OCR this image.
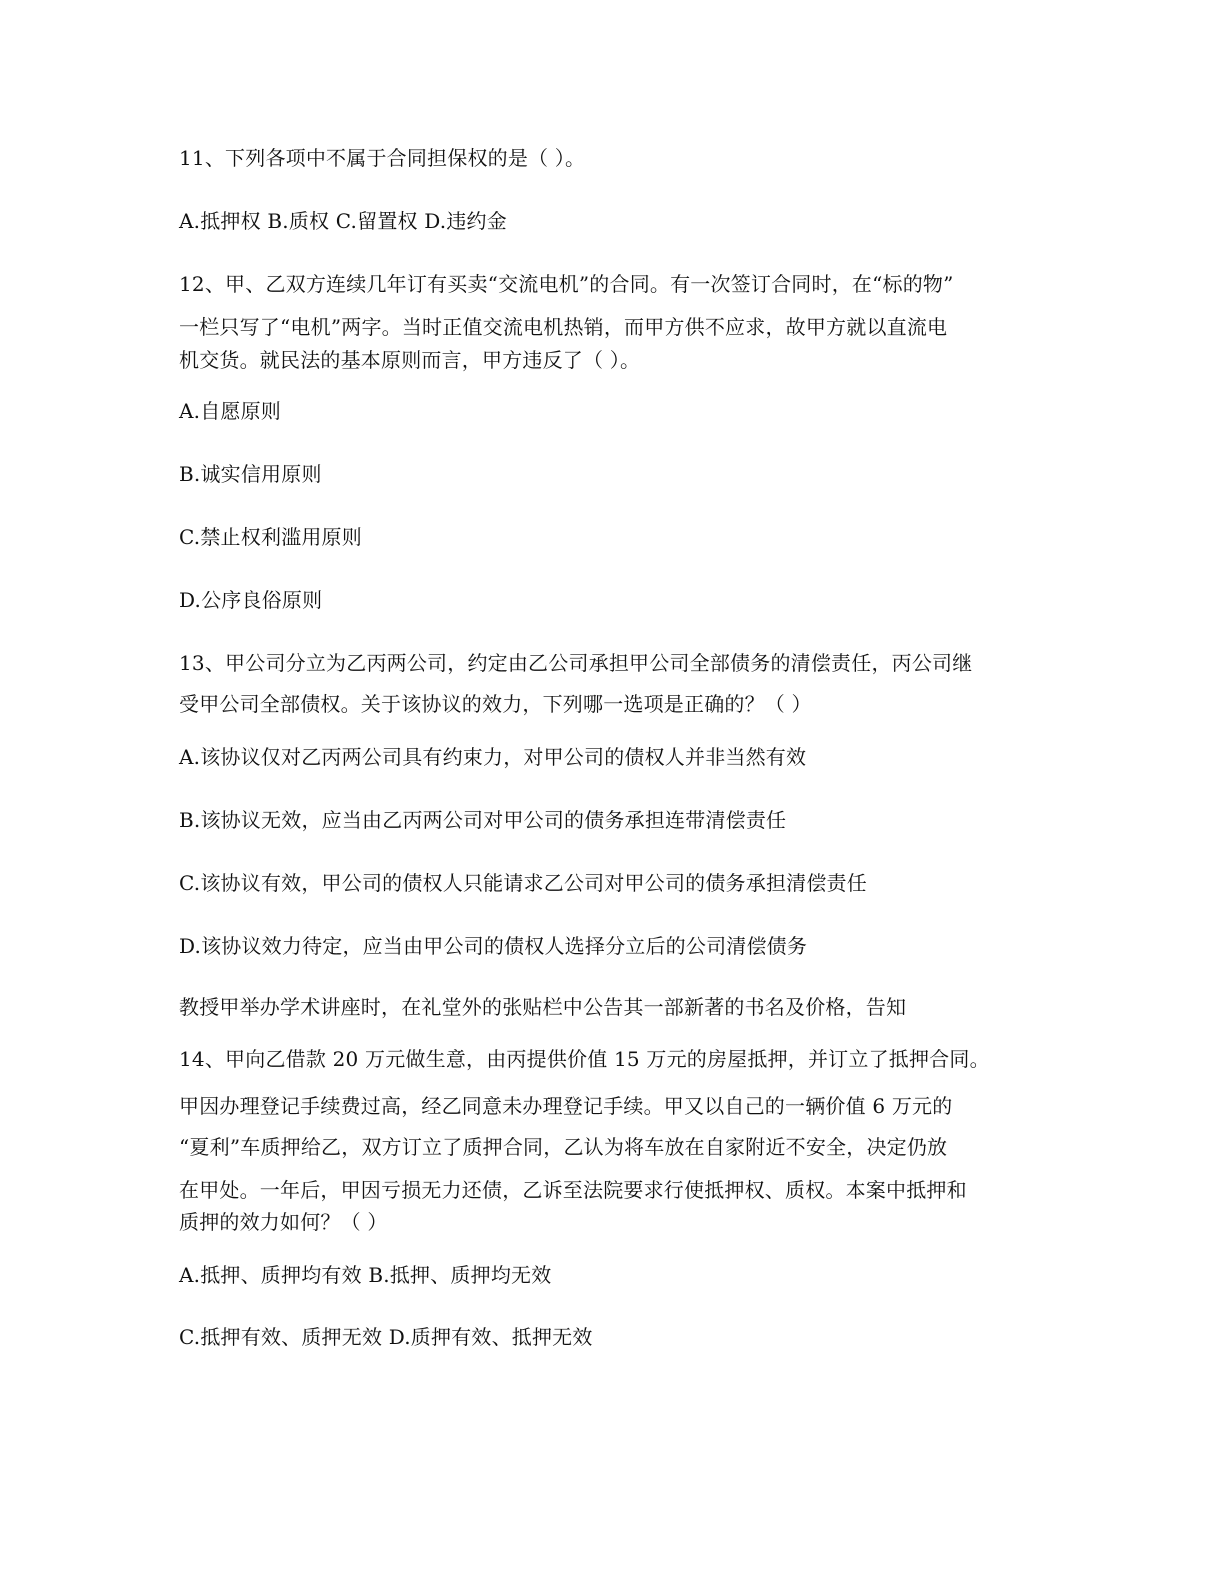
11、下列各项中不属于合同担保权的是（ ）。
A.抵押权 B.质权 C.留置权 D.违约金
12、甲、乙双方连续几年订有买卖“交流电机”的合同。有一次签订合同时，在“标的物”
一栏只写了“电机”两字。当时正值交流电机热销，而甲方供不应求，故甲方就以直流电
机交货。就民法的基本原则而言，甲方违反了（ ）。
A.自愿原则
B.诚实信用原则
C.禁止权利滥用原则
D.公序良俗原则
13、甲公司分立为乙丙两公司，约定由乙公司承担甲公司全部债务的清偿责任，丙公司继
受甲公司全部债权。关于该协议的效力，下列哪一选项是正确的？（ ）
A.该协议仅对乙丙两公司具有约束力，对甲公司的债权人并非当然有效
B.该协议无效，应当由乙丙两公司对甲公司的债务承担连带清偿责任
C.该协议有效，甲公司的债权人只能请求乙公司对甲公司的债务承担清偿责任
D.该协议效力待定，应当由甲公司的债权人选择分立后的公司清偿债务
教授甲举办学术讲座时，在礼堂外的张贴栏中公告其一部新著的书名及价格，告知
14、甲向乙借款 20 万元做生意，由丙提供价值 15 万元的房屋抵押，并订立了抵押合同。
甲因办理登记手续费过高，经乙同意未办理登记手续。甲又以自己的一辆价值 6 万元的
“夏利”车质押给乙，双方订立了质押合同，乙认为将车放在自家附近不安全，决定仍放
在甲处。一年后，甲因亏损无力还债，乙诉至法院要求行使抵押权、质权。本案中抵押和
质押的效力如何？（ ）
A.抵押、质押均有效 B.抵押、质押均无效
C.抵押有效、质押无效 D.质押有效、抵押无效
